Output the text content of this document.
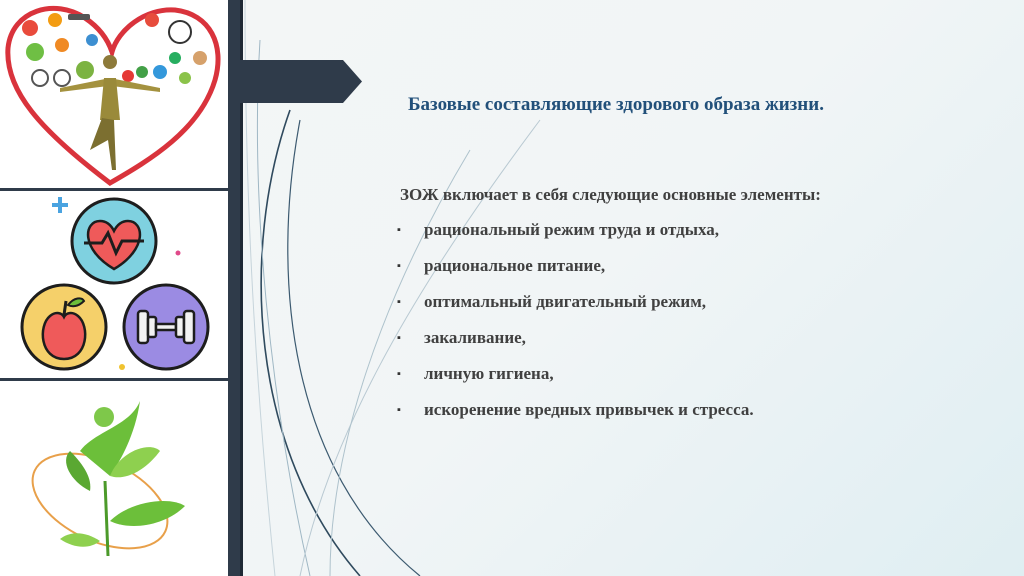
Базовые составляющие здорового образа жизни.
ЗОЖ включает в себя следующие основные элементы:
▪	рациональный режим труда и отдыха,
▪	рациональное питание,
▪	оптимальный двигательный режим,
▪	закаливание,
▪	личную гигиена,
▪	искоренение вредных привычек и стресса.
